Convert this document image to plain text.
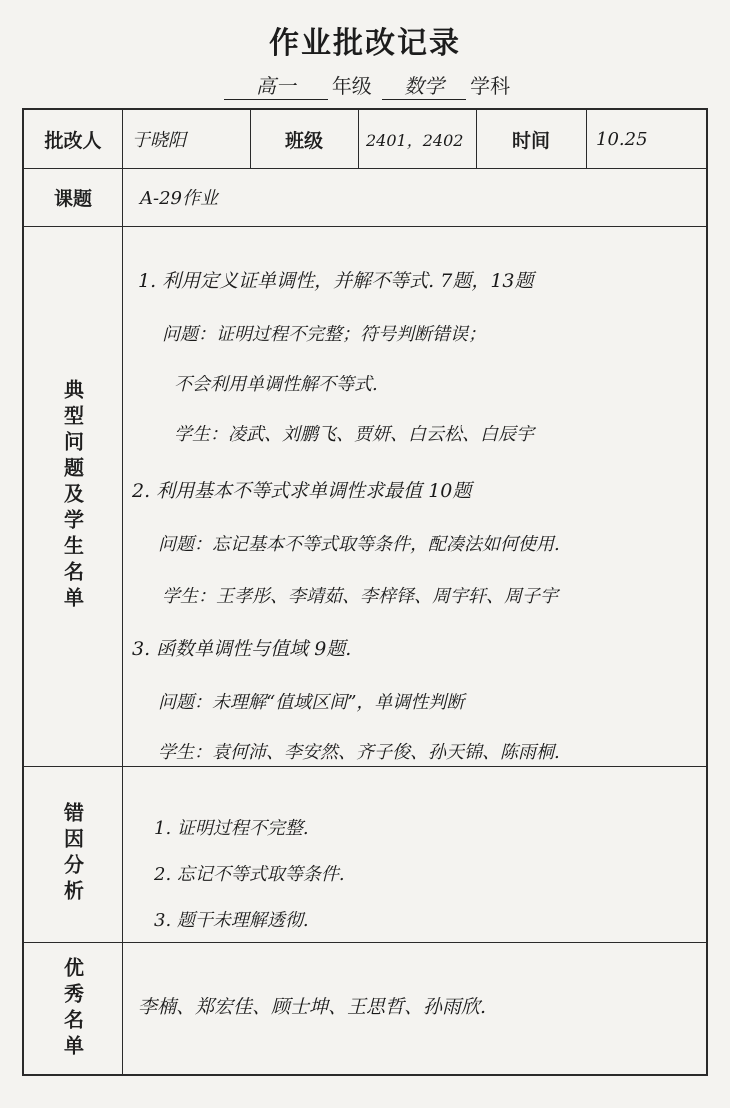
作业批改记录
高一 年级 数学 学科
批改人	于晓阳	班级	2401，2402	时间	10.25
课题	A-29作业
典型问题及学生名单
1. 利用定义证单调性，并解不等式. 7题，13题
问题：证明过程不完整；符号判断错误；
不会利用单调性解不等式.
学生：凌武、刘鹏飞、贾妍、白云松、白辰宇
2. 利用基本不等式求单调性求最值 10题
问题：忘记基本不等式取等条件，配凑法如何使用.
学生：王孝彤、李靖茹、李梓铎、周宇轩、周子宇
3. 函数单调性与值域 9题.
问题：未理解“值域区间”，单调性判断
学生：袁何沛、李安然、齐子俊、孙天锦、陈雨桐.
错因分析	1. 证明过程不完整.
2. 忘记不等式取等条件.
3. 题干未理解透彻.
优秀名单	李楠、郑宏佳、顾士坤、王思哲、孙雨欣.
